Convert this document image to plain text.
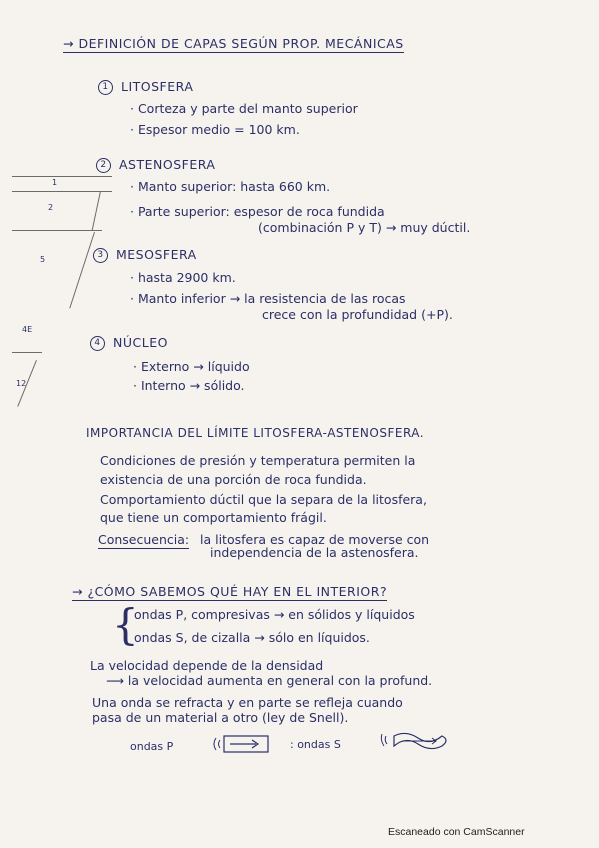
1
2
5
4E
12
→ DEFINICIÓN DE CAPAS SEGÚN PROP. MECÁNICAS
1 LITOSFERA
· Corteza y parte del manto superior
· Espesor medio = 100 km.
2 ASTENOSFERA
· Manto superior: hasta 660 km.
· Parte superior: espesor de roca fundida
(combinación P y T) → muy dúctil.
3 MESOSFERA
· hasta 2900 km.
· Manto inferior → la resistencia de las rocas
crece con la profundidad (+P).
4 NÚCLEO
· Externo → líquido
· Interno → sólido.
IMPORTANCIA DEL LÍMITE LITOSFERA-ASTENOSFERA.
Condiciones de presión y temperatura permiten la
existencia de una porción de roca fundida.
Comportamiento dúctil que la separa de la litosfera,
que tiene un comportamiento frágil.
Consecuencia: la litosfera es capaz de moverse con
independencia de la astenosfera.
→ ¿CÓMO SABEMOS QUÉ HAY EN EL INTERIOR?
{
ondas P, compresivas → en sólidos y líquidos
ondas S, de cizalla → sólo en líquidos.
La velocidad depende de la densidad
⟶ la velocidad aumenta en general con la profund.
Una onda se refracta y en parte se refleja cuando
pasa de un material a otro (ley de Snell).
ondas P	: ondas S
Escaneado con CamScanner
